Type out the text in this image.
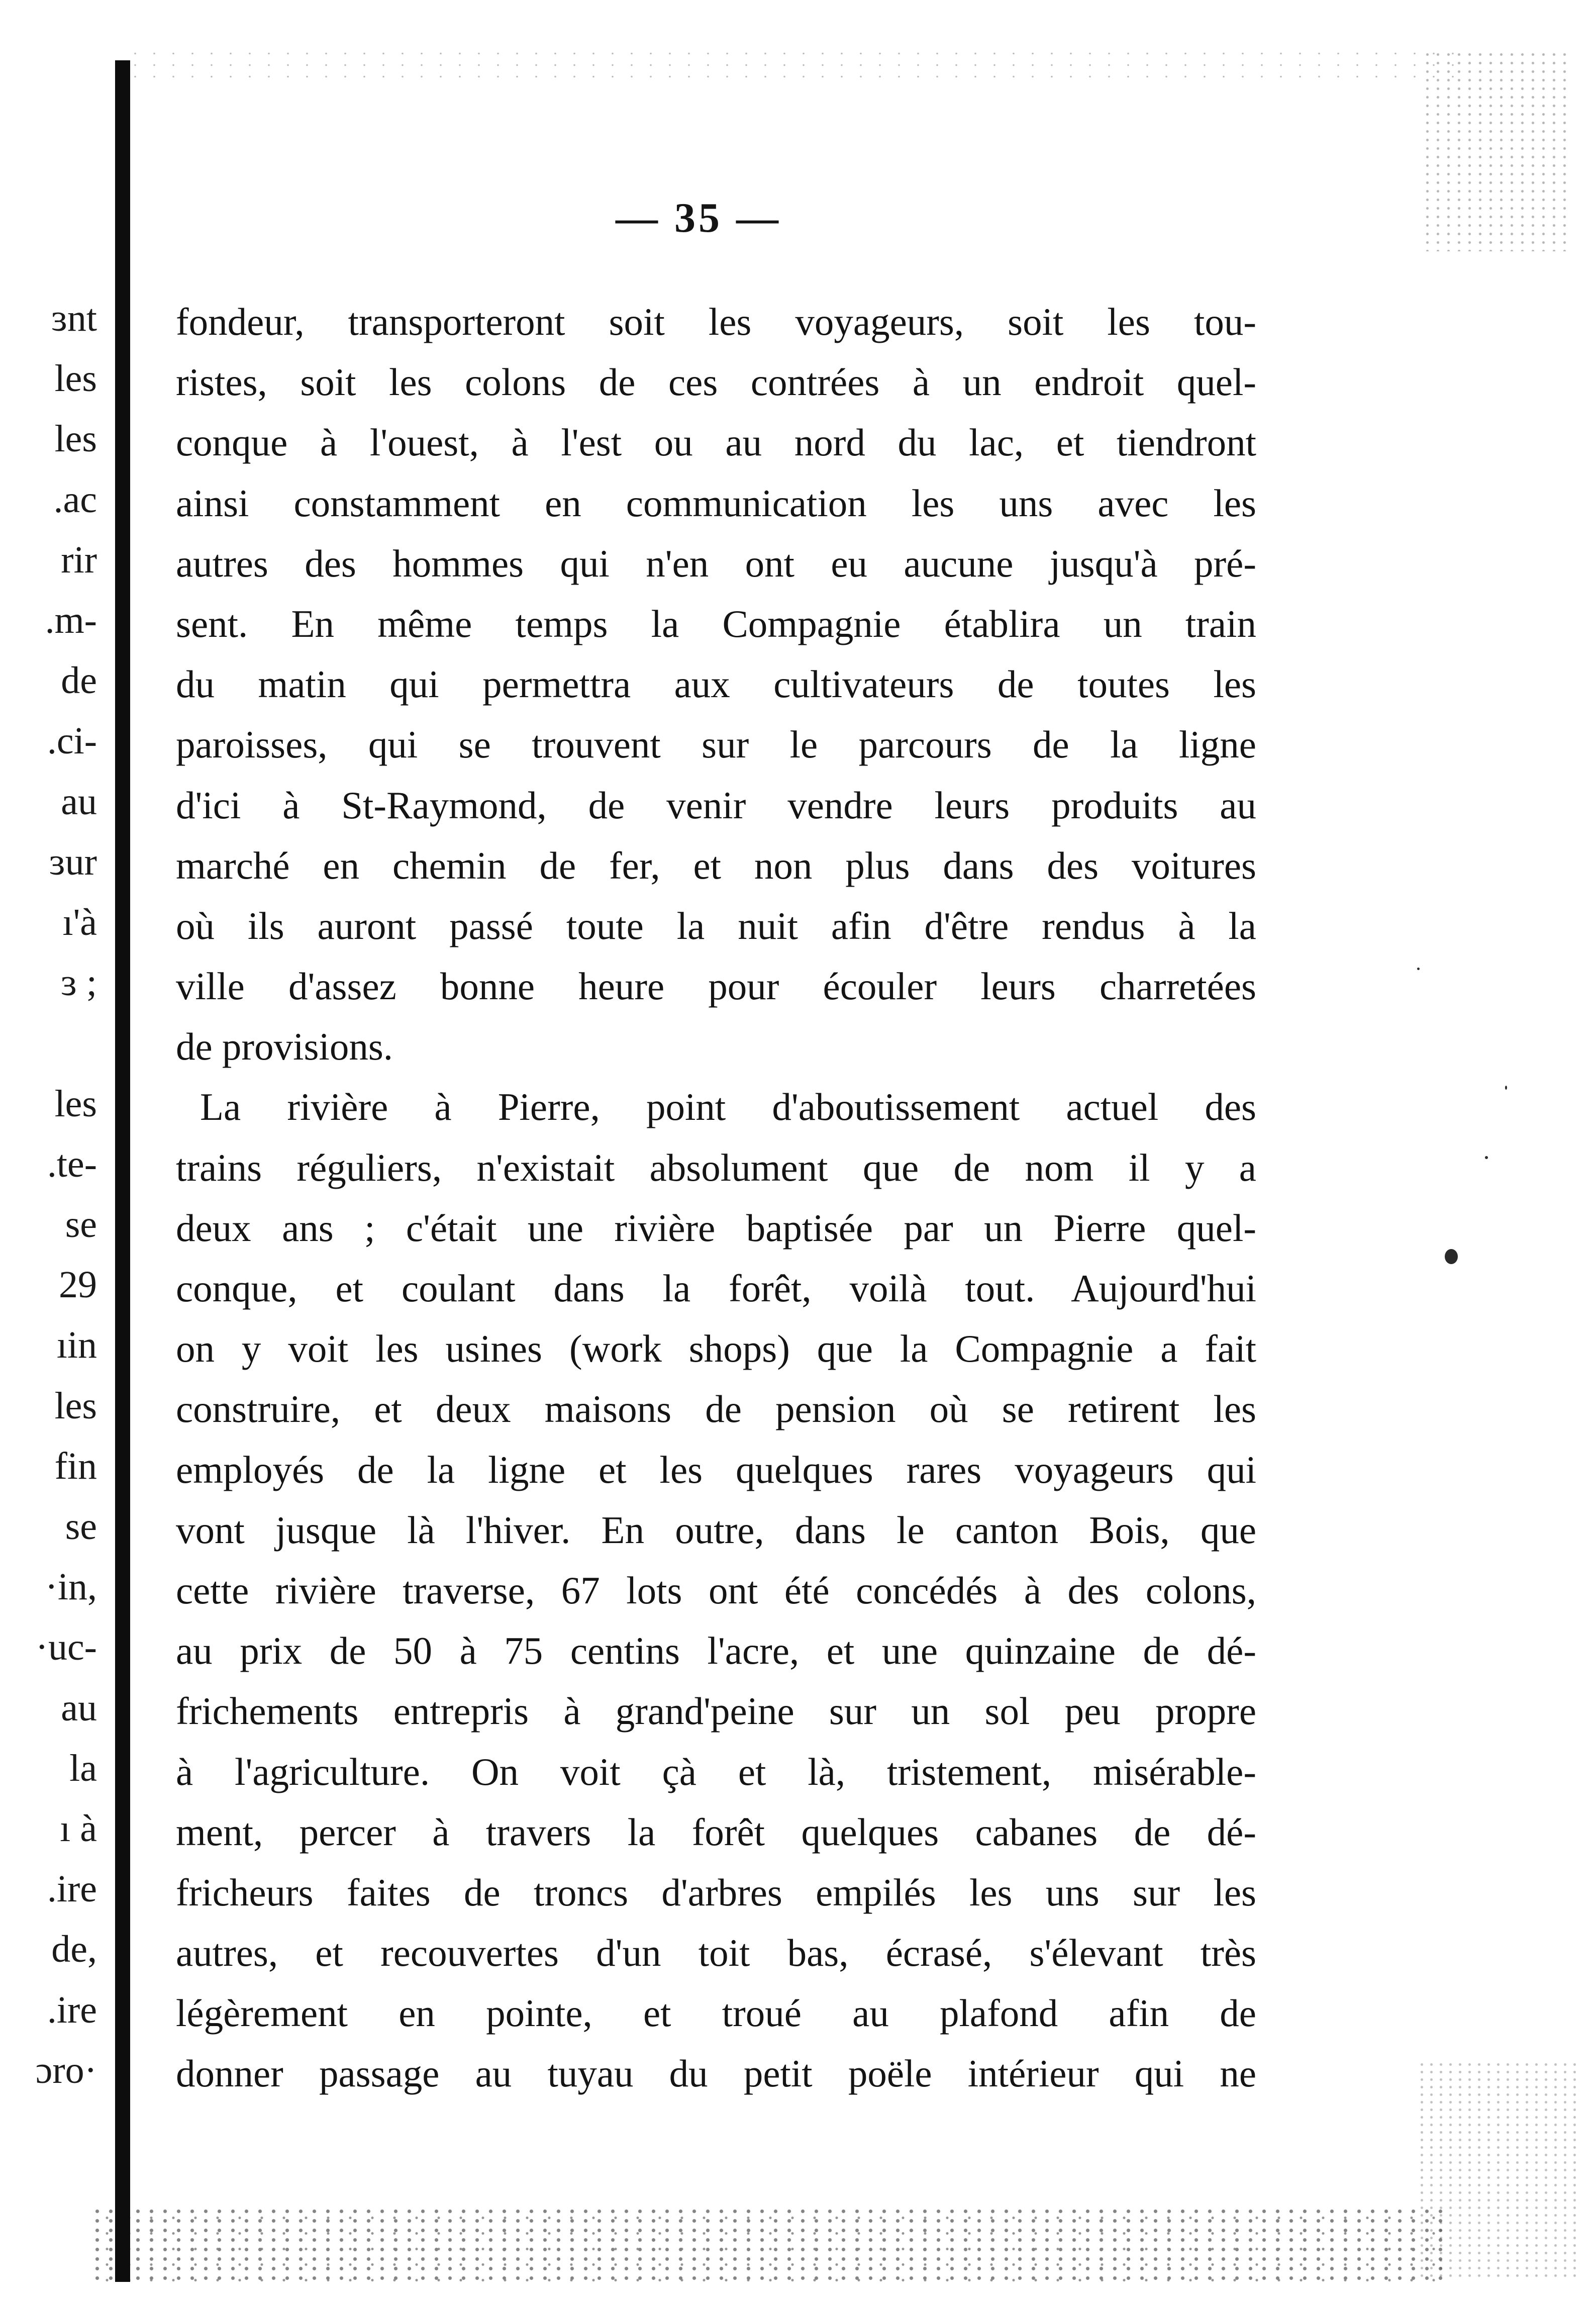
ɜnt
les
les
.ac
rir
.m-
de
.ci-
au
ɜur
ı'à
ɜ ;
les
.te-
se
29
ıin
les
fin
se
·in,
·uc-
au
la
ı à
.ire
de,
.ire
ɔro·
— 35 —
fondeur, transporteront soit les voyageurs, soit les tou-
ristes, soit les colons de ces contrées à un endroit quel-
conque à l'ouest, à l'est ou au nord du lac, et tiendront
ainsi constamment en communication les uns avec les
autres des hommes qui n'en ont eu aucune jusqu'à pré-
sent. En même temps la Compagnie établira un train
du matin qui permettra aux cultivateurs de toutes les
paroisses, qui se trouvent sur le parcours de la ligne
d'ici à St-Raymond, de venir vendre leurs produits au
marché en chemin de fer, et non plus dans des voitures
où ils auront passé toute la nuit afin d'être rendus à la
ville d'assez bonne heure pour écouler leurs charretées
de provisions.
La rivière à Pierre, point d'aboutissement actuel des
trains réguliers, n'existait absolument que de nom il y a
deux ans ; c'était une rivière baptisée par un Pierre quel-
conque, et coulant dans la forêt, voilà tout. Aujourd'hui
on y voit les usines (work shops) que la Compagnie a fait
construire, et deux maisons de pension où se retirent les
employés de la ligne et les quelques rares voyageurs qui
vont jusque là l'hiver. En outre, dans le canton Bois, que
cette rivière traverse, 67 lots ont été concédés à des colons,
au prix de 50 à 75 centins l'acre, et une quinzaine de dé-
frichements entrepris à grand'peine sur un sol peu propre
à l'agriculture. On voit çà et là, tristement, misérable-
ment, percer à travers la forêt quelques cabanes de dé-
fricheurs faites de troncs d'arbres empilés les uns sur les
autres, et recouvertes d'un toit bas, écrasé, s'élevant très
légèrement en pointe, et troué au plafond afin de
donner passage au tuyau du petit poële intérieur qui ne
